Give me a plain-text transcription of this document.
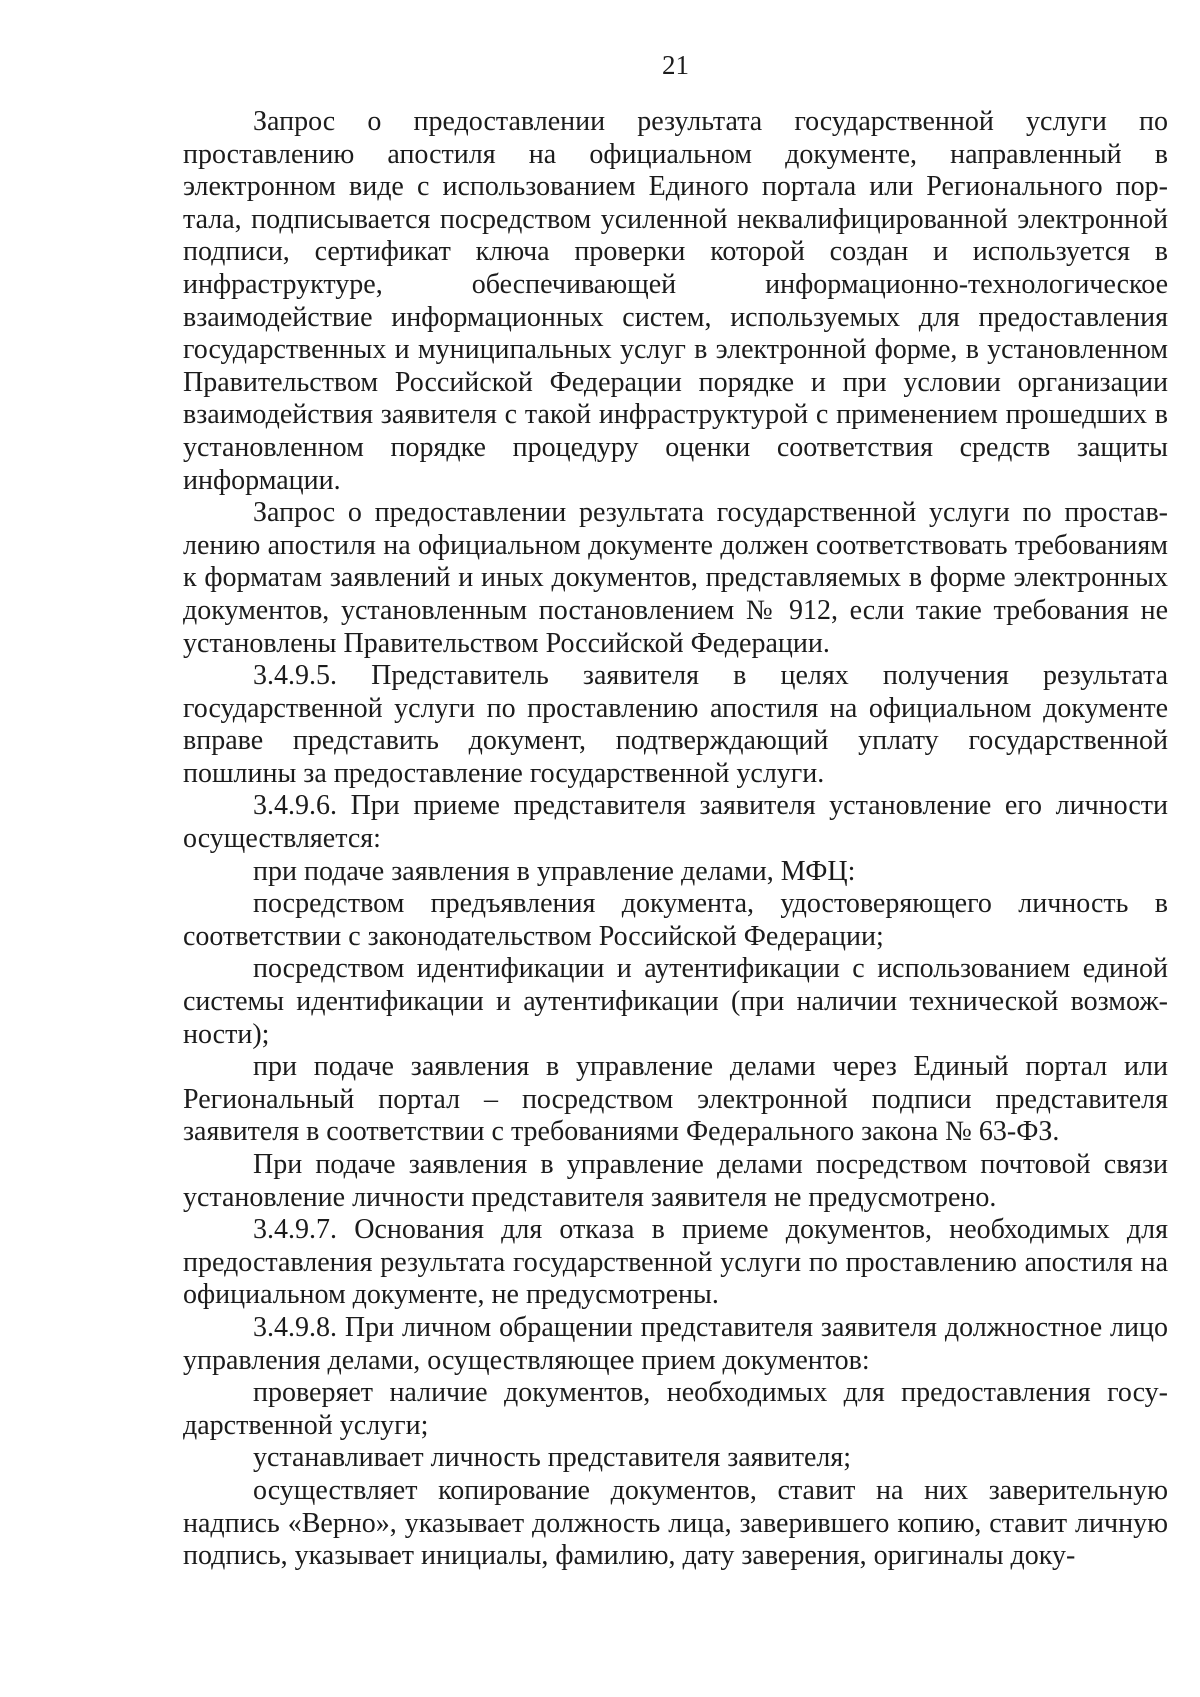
21

Запрос о предоставлении результата государственной услуги по проставлению апостиля на официальном документе, направленный в электронном виде с использованием Единого портала или Регионального портала, подписывается посредством усиленной неквалифицированной электронной подписи, сертификат ключа проверки которой создан и используется в инфраструктуре, обеспечивающей информационно-технологическое взаимодействие информационных систем, используемых для предоставления государственных и муниципальных услуг в электронной форме, в установленном Правительством Российской Федерации порядке и при условии организации взаимодействия заявителя с такой инфраструктурой с применением прошедших в установленном порядке процедуру оценки соответствия средств защиты информации.

Запрос о предоставлении результата государственной услуги по проставлению апостиля на официальном документе должен соответствовать требованиям к форматам заявлений и иных документов, представляемых в форме электронных документов, установленным постановлением № 912, если такие требования не установлены Правительством Российской Федерации.

3.4.9.5. Представитель заявителя в целях получения результата государственной услуги по проставлению апостиля на официальном документе вправе представить документ, подтверждающий уплату государственной пошлины за предоставление государственной услуги.

3.4.9.6. При приеме представителя заявителя установление его личности осуществляется:

при подаче заявления в управление делами, МФЦ:

посредством предъявления документа, удостоверяющего личность в соответствии с законодательством Российской Федерации;

посредством идентификации и аутентификации с использованием единой системы идентификации и аутентификации (при наличии технической возможности);

при подаче заявления в управление делами через Единый портал или Региональный портал – посредством электронной подписи представителя заявителя в соответствии с требованиями Федерального закона № 63-ФЗ.

При подаче заявления в управление делами посредством почтовой связи установление личности представителя заявителя не предусмотрено.

3.4.9.7. Основания для отказа в приеме документов, необходимых для предоставления результата государственной услуги по проставлению апостиля на официальном документе, не предусмотрены.

3.4.9.8. При личном обращении представителя заявителя должностное лицо управления делами, осуществляющее прием документов:

проверяет наличие документов, необходимых для предоставления государственной услуги;

устанавливает личность представителя заявителя;

осуществляет копирование документов, ставит на них заверительную надпись «Верно», указывает должность лица, заверившего копию, ставит личную подпись, указывает инициалы, фамилию, дату заверения, оригиналы доку-
